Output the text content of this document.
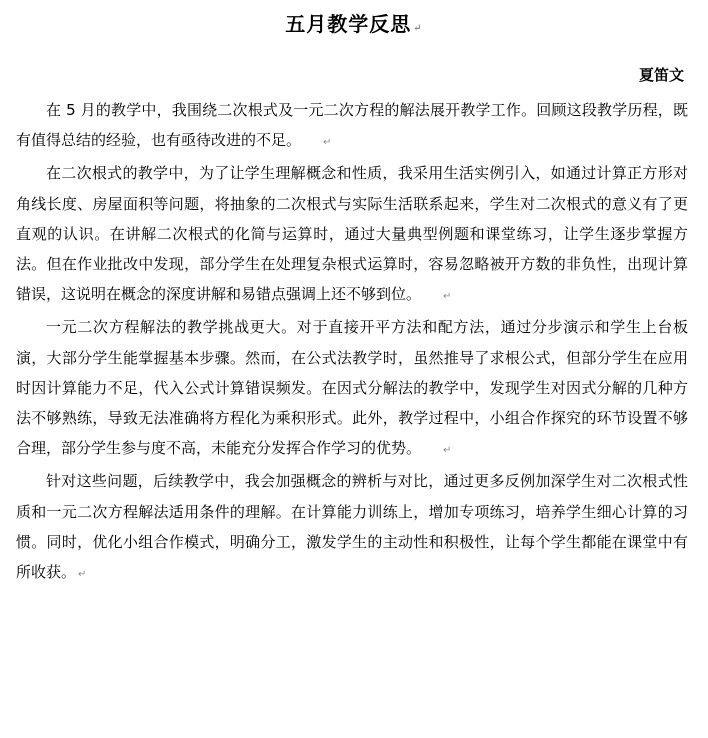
五月教学反思 ↵
夏笛文

在 5 月的教学中，我围绕二次根式及一元二次方程的解法展开教学工作。回顾这段教学历程，既有值得总结的经验，也有亟待改进的不足。 ↵

在二次根式的教学中，为了让学生理解概念和性质，我采用生活实例引入，如通过计算正方形对角线长度、房屋面积等问题，将抽象的二次根式与实际生活联系起来，学生对二次根式的意义有了更直观的认识。在讲解二次根式的化简与运算时，通过大量典型例题和课堂练习，让学生逐步掌握方法。但在作业批改中发现，部分学生在处理复杂根式运算时，容易忽略被开方数的非负性，出现计算错误，这说明在概念的深度讲解和易错点强调上还不够到位。 ↵

一元二次方程解法的教学挑战更大。对于直接开平方法和配方法，通过分步演示和学生上台板演，大部分学生能掌握基本步骤。然而，在公式法教学时，虽然推导了求根公式，但部分学生在应用时因计算能力不足，代入公式计算错误频发。在因式分解法的教学中，发现学生对因式分解的几种方法不够熟练，导致无法准确将方程化为乘积形式。此外，教学过程中，小组合作探究的环节设置不够合理，部分学生参与度不高，未能充分发挥合作学习的优势。 ↵

针对这些问题，后续教学中，我会加强概念的辨析与对比，通过更多反例加深学生对二次根式性质和一元二次方程解法适用条件的理解。在计算能力训练上，增加专项练习，培养学生细心计算的习惯。同时，优化小组合作模式，明确分工，激发学生的主动性和积极性，让每个学生都能在课堂中有所收获。 ↵
